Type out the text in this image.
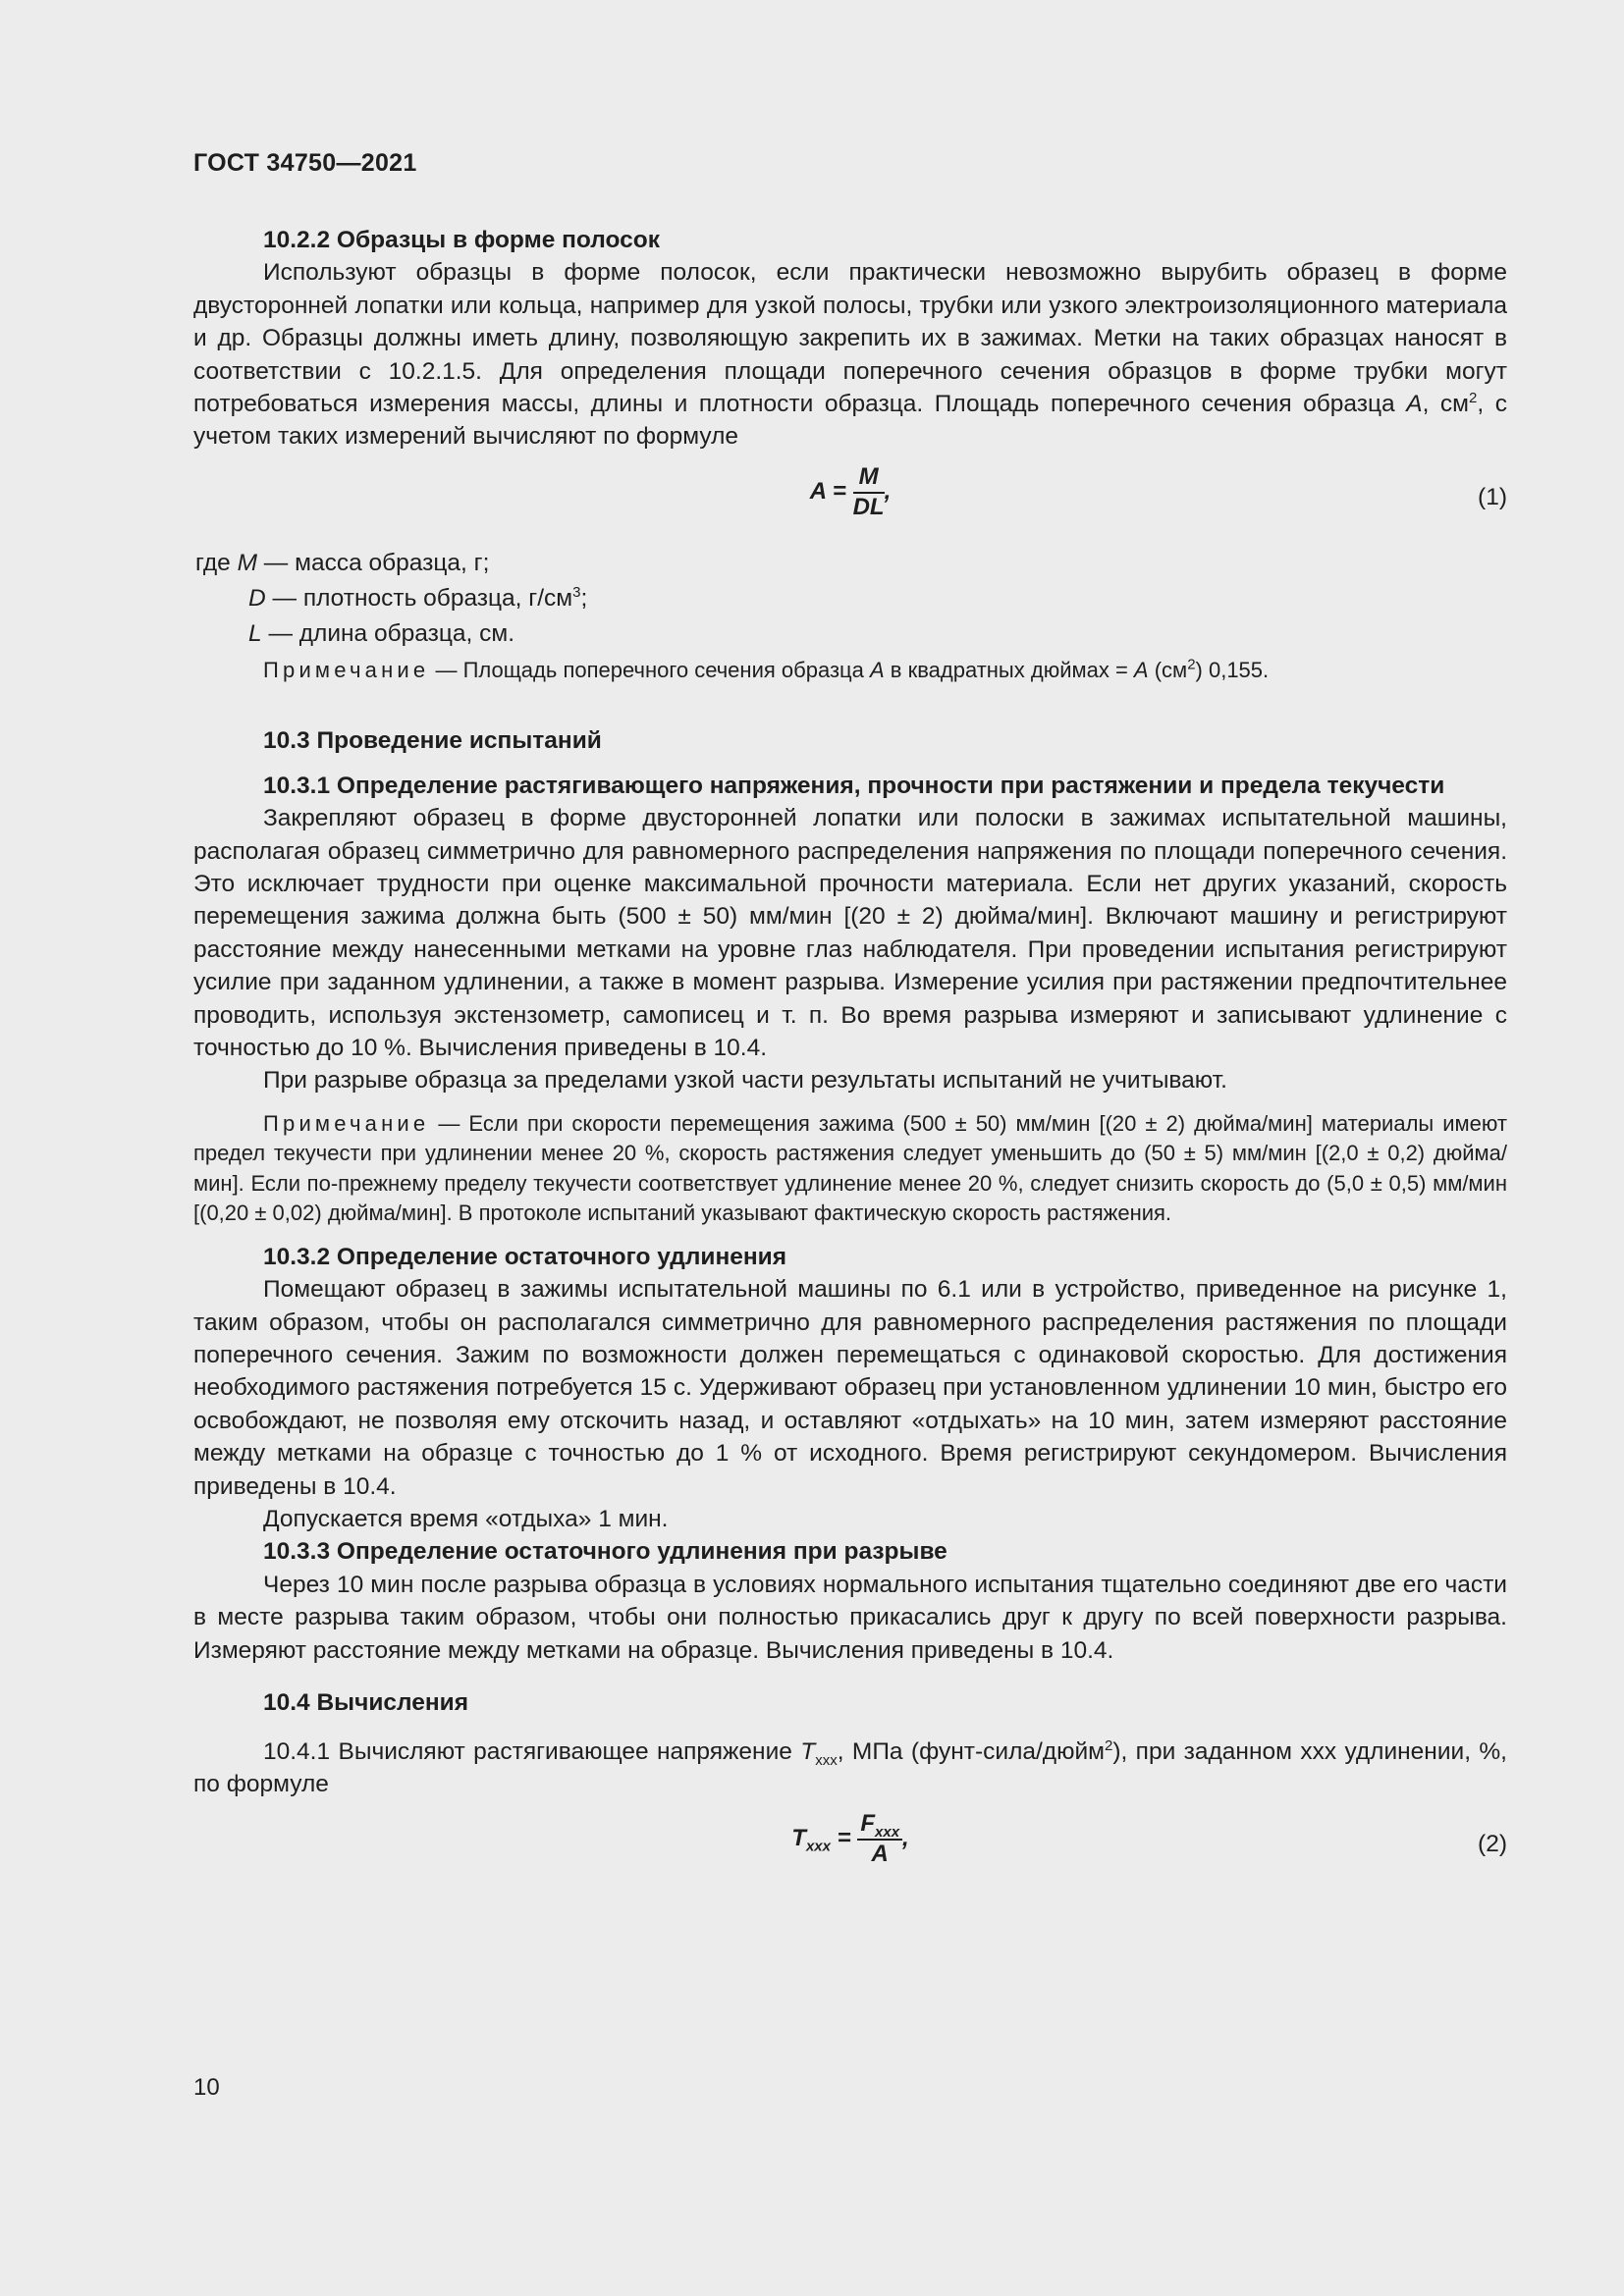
ГОСТ 34750—2021

10.2.2 Образцы в форме полосок

Используют образцы в форме полосок, если практически невозможно вырубить образец в форме двусторонней лопатки или кольца, например для узкой полосы, трубки или узкого электроизоляционного материала и др. Образцы должны иметь длину, позволяющую закрепить их в зажимах. Метки на таких образцах наносят в соответствии с 10.2.1.5. Для определения площади поперечного сечения образцов в форме трубки могут потребоваться измерения массы, длины и плотности образца. Площадь поперечного сечения образца A, $см^2$, с учетом таких измерений вычисляют по формуле

$A = \frac{M}{DL}$ ,	(1)
где M — масса образца, г;
D — плотность образца, $г/см^3$;
L — длина образца, см.

Примечание — Площадь поперечного сечения образца A в квадратных дюймах = A $(см^2)$ 0,155.

10.3 Проведение испытаний

10.3.1 Определение растягивающего напряжения, прочности при растяжении и предела текучести

Закрепляют образец в форме двусторонней лопатки или полоски в зажимах испытательной машины, располагая образец симметрично для равномерного распределения напряжения по площади поперечного сечения. Это исключает трудности при оценке максимальной прочности материала. Если нет других указаний, скорость перемещения зажима должна быть (500 ± 50) мм/мин [(20 ± 2) дюйма/мин]. Включают машину и регистрируют расстояние между нанесенными метками на уровне глаз наблюдателя. При проведении испытания регистрируют усилие при заданном удлинении, а также в момент разрыва. Измерение усилия при растяжении предпочтительнее проводить, используя экстензометр, самописец и т. п. Во время разрыва измеряют и записывают удлинение с точностью до 10 %. Вычисления приведены в 10.4.

При разрыве образца за пределами узкой части результаты испытаний не учитывают.

Примечание — Если при скорости перемещения зажима (500 ± 50) мм/мин [(20 ± 2) дюйма/мин] материалы имеют предел текучести при удлинении менее 20 %, скорость растяжения следует уменьшить до (50 ± 5) мм/мин [(2,0 ± 0,2) дюйма/мин]. Если по-прежнему пределу текучести соответствует удлинение менее 20 %, следует снизить скорость до (5,0 ± 0,5) мм/мин [(0,20 ± 0,02) дюйма/мин]. В протоколе испытаний указывают фактическую скорость растяжения.

10.3.2 Определение остаточного удлинения

Помещают образец в зажимы испытательной машины по 6.1 или в устройство, приведенное на рисунке 1, таким образом, чтобы он располагался симметрично для равномерного распределения растяжения по площади поперечного сечения. Зажим по возможности должен перемещаться с одинаковой скоростью. Для достижения необходимого растяжения потребуется 15 с. Удерживают образец при установленном удлинении 10 мин, быстро его освобождают, не позволяя ему отскочить назад, и оставляют «отдыхать» на 10 мин, затем измеряют расстояние между метками на образце с точностью до 1 % от исходного. Время регистрируют секундомером. Вычисления приведены в 10.4.

Допускается время «отдыха» 1 мин.

10.3.3 Определение остаточного удлинения при разрыве

Через 10 мин после разрыва образца в условиях нормального испытания тщательно соединяют две его части в месте разрыва таким образом, чтобы они полностью прикасались друг к другу по всей поверхности разрыва. Измеряют расстояние между метками на образце. Вычисления приведены в 10.4.

10.4 Вычисления

10.4.1 Вычисляют растягивающее напряжение $T_{xxx}$, МПа (фунт-сила/дюйм$^2$), при заданном xxx удлинении, %, по формуле

$T_{xxx} = \frac{F_{xxx}}{A}$ ,	(2)
10
